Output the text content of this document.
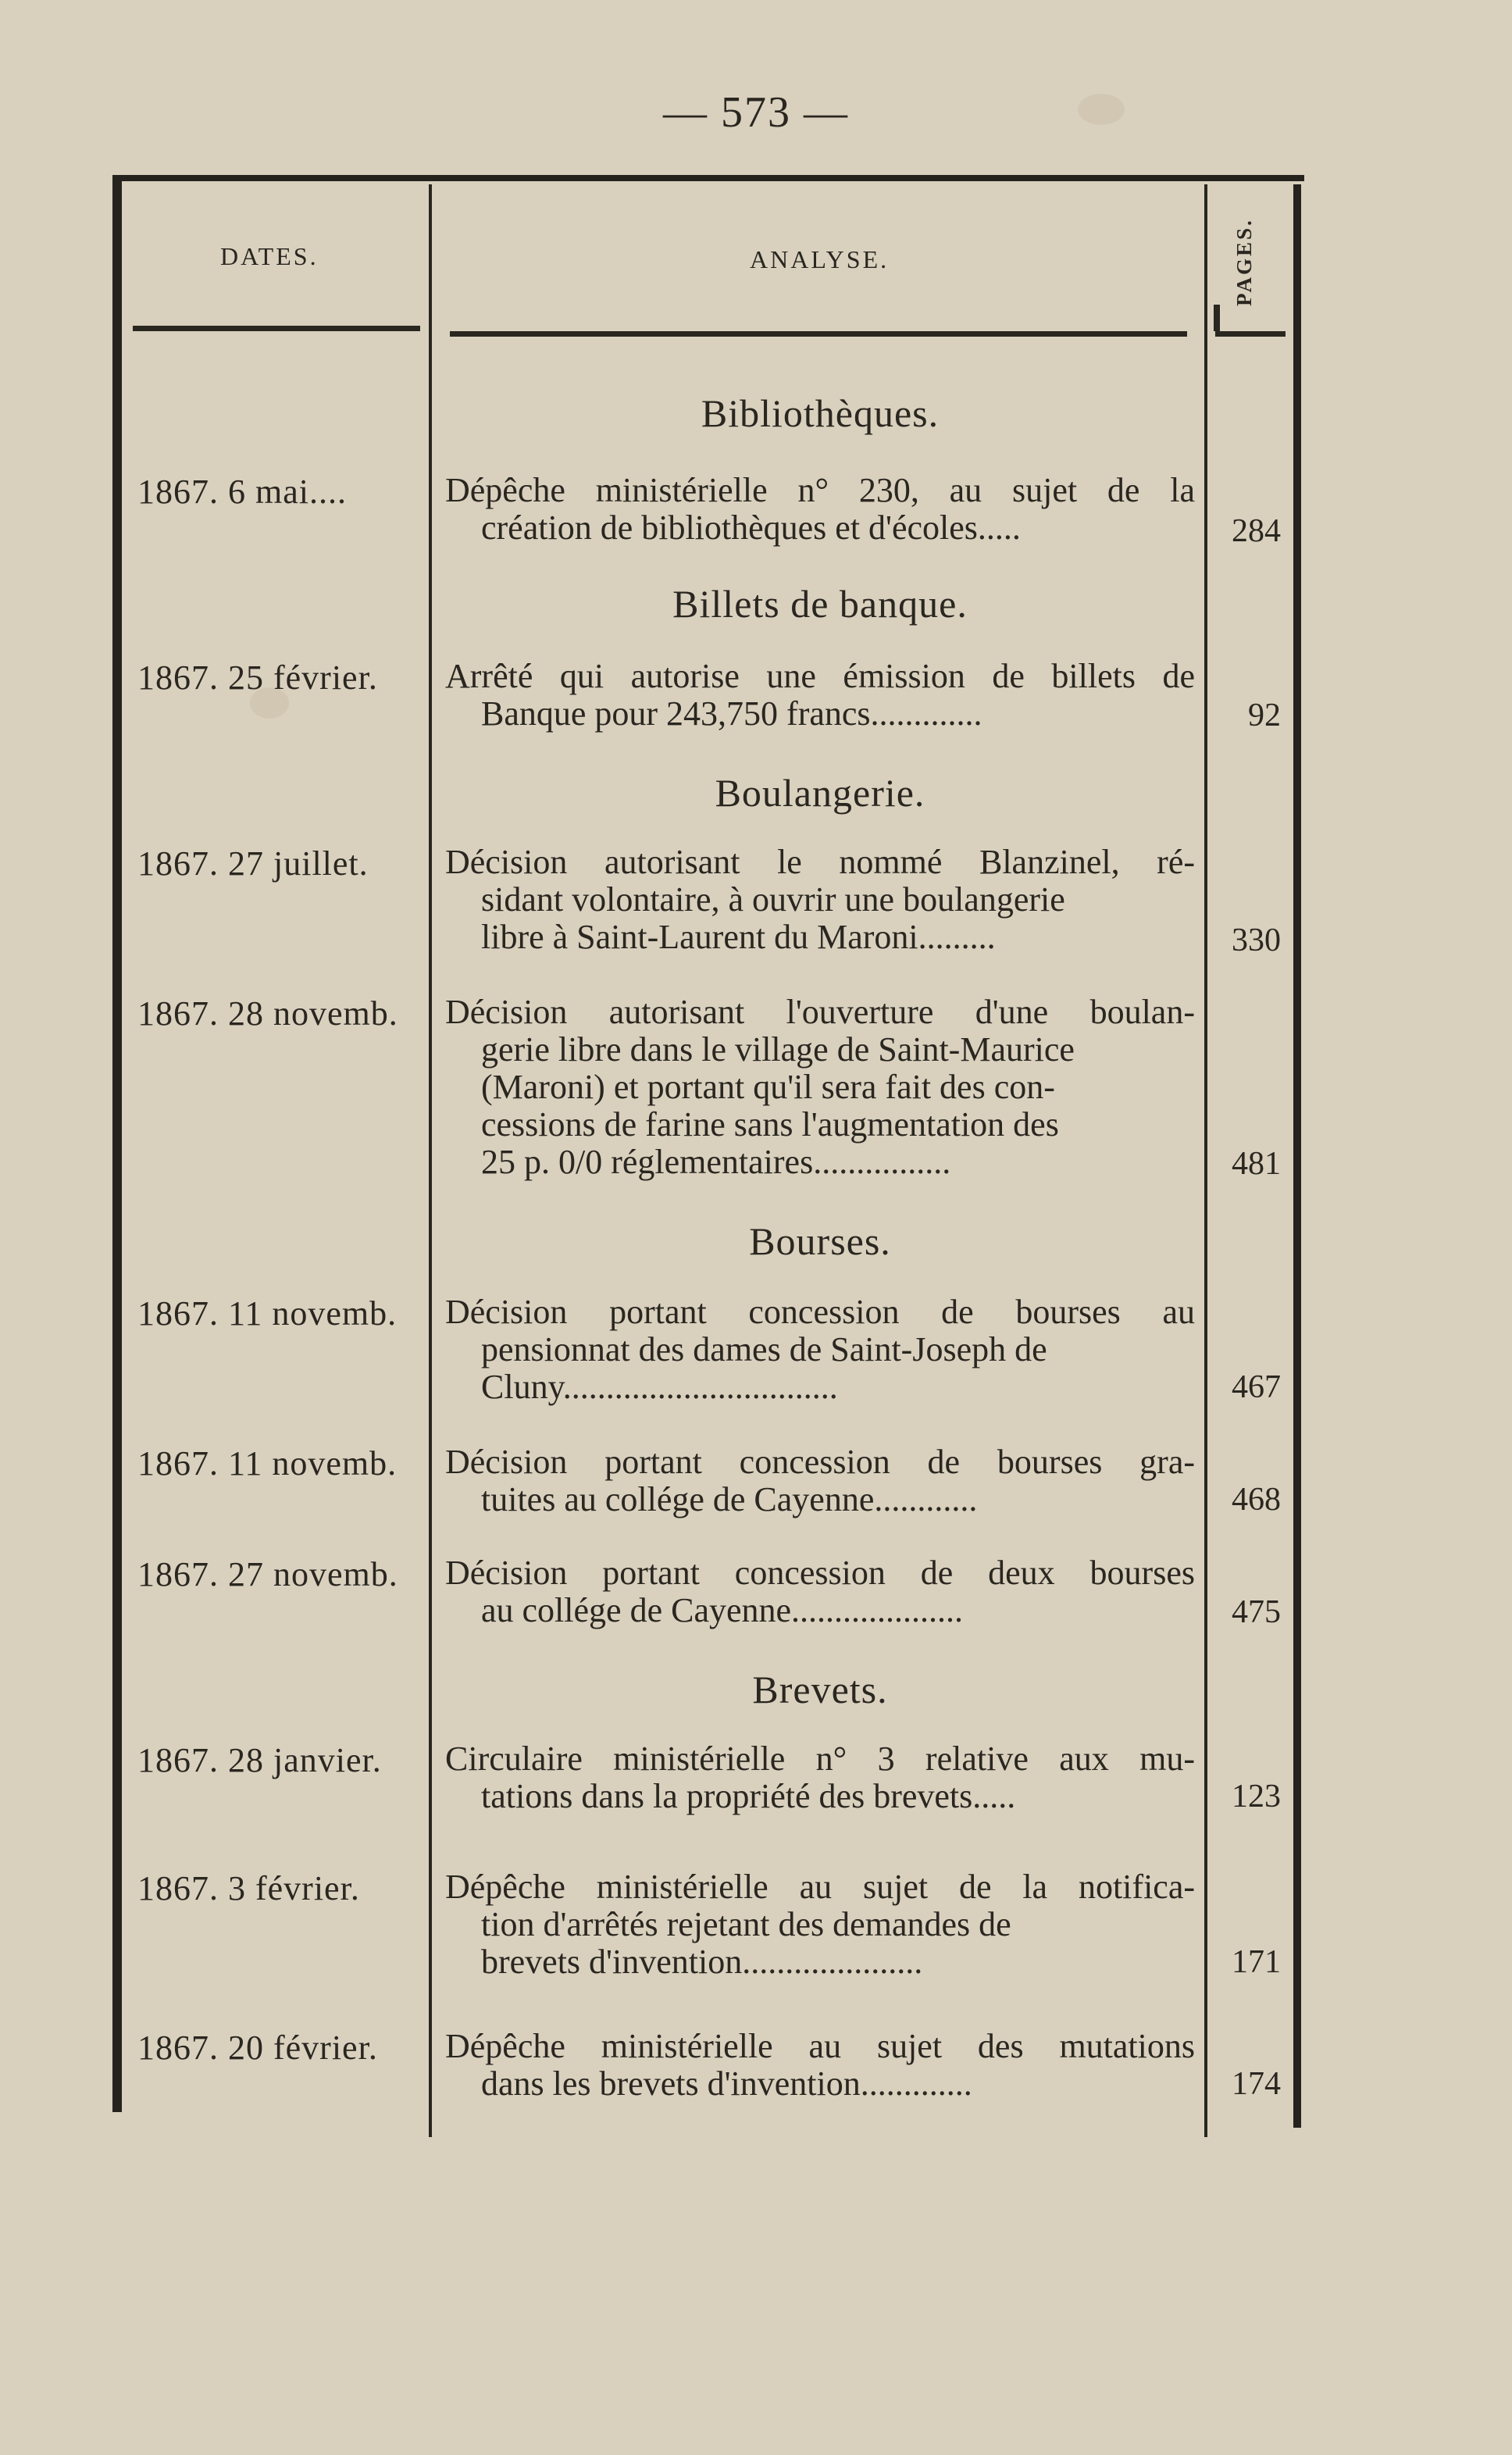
— 573 —
DATES.	ANALYSE.	PAGES.
Bibliothèques.
1867. 6 mai....	Dépêche ministérielle n° 230, au sujet de la
création de bibliothèques et d'écoles.....	284
Billets de banque.
1867. 25 février.	Arrêté qui autorise une émission de billets de
Banque pour 243,750 francs.............	92
Boulangerie.
1867. 27 juillet.	Décision autorisant le nommé Blanzinel, ré-
sidant volontaire, à ouvrir une boulangerie
libre à Saint-Laurent du Maroni.........	330
1867. 28 novemb.	Décision autorisant l'ouverture d'une boulan-
gerie libre dans le village de Saint-Maurice
(Maroni) et portant qu'il sera fait des con-
cessions de farine sans l'augmentation des
25 p. 0/0 réglementaires................	481
Bourses.
1867. 11 novemb.	Décision portant concession de bourses au
pensionnat des dames de Saint-Joseph de
Cluny................................	467
1867. 11 novemb.	Décision portant concession de bourses gra-
tuites au collége de Cayenne............	468
1867. 27 novemb.	Décision portant concession de deux bourses
au collége de Cayenne....................	475
Brevets.
1867. 28 janvier.	Circulaire ministérielle n° 3 relative aux mu-
tations dans la propriété des brevets.....	123
1867. 3 février.	Dépêche ministérielle au sujet de la notifica-
tion d'arrêtés rejetant des demandes de
brevets d'invention.....................	171
1867. 20 février.	Dépêche ministérielle au sujet des mutations
dans les brevets d'invention.............	174
